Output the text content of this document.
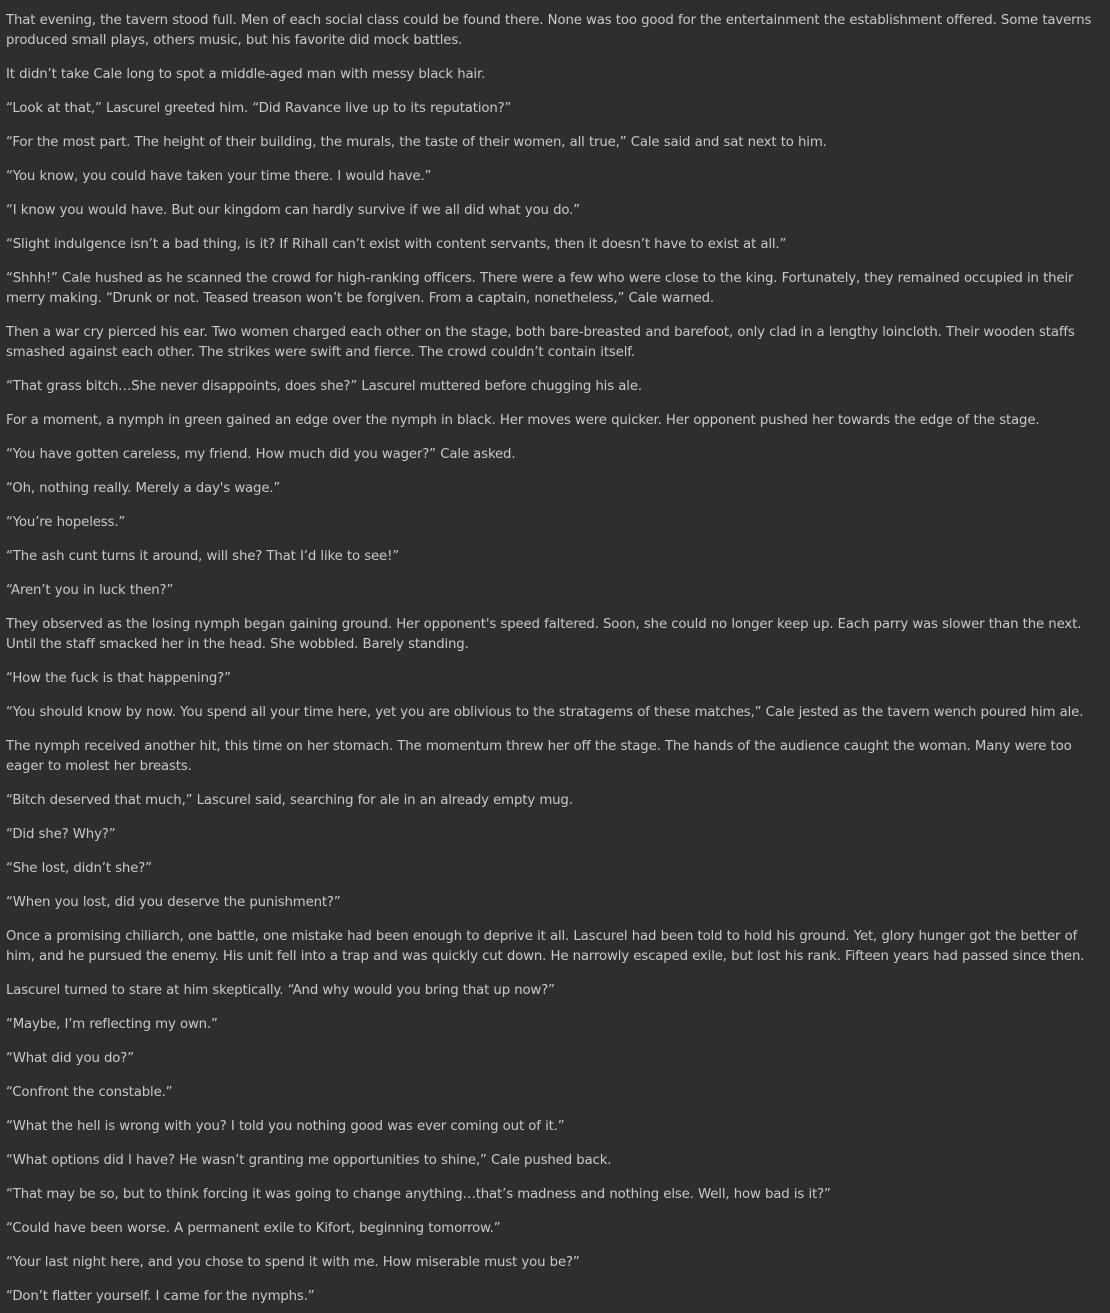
That evening, the tavern stood full. Men of each social class could be found there. None was too good for the entertainment the establishment offered. Some taverns produced small plays, others music, but his favorite did mock battles.

It didn’t take Cale long to spot a middle-aged man with messy black hair.

“Look at that,” Lascurel greeted him. “Did Ravance live up to its reputation?”

“For the most part. The height of their building, the murals, the taste of their women, all true,” Cale said and sat next to him.

“You know, you could have taken your time there. I would have.”

“I know you would have. But our kingdom can hardly survive if we all did what you do.”

“Slight indulgence isn’t a bad thing, is it? If Rihall can’t exist with content servants, then it doesn’t have to exist at all.”

“Shhh!” Cale hushed as he scanned the crowd for high-ranking officers. There were a few who were close to the king. Fortunately, they remained occupied in their merry making. “Drunk or not. Teased treason won’t be forgiven. From a captain, nonetheless,” Cale warned.

Then a war cry pierced his ear. Two women charged each other on the stage, both bare-breasted and barefoot, only clad in a lengthy loincloth. Their wooden staffs smashed against each other. The strikes were swift and fierce. The crowd couldn’t contain itself.

“That grass bitch…She never disappoints, does she?” Lascurel muttered before chugging his ale.

For a moment, a nymph in green gained an edge over the nymph in black. Her moves were quicker. Her opponent pushed her towards the edge of the stage.

“You have gotten careless, my friend. How much did you wager?” Cale asked.

“Oh, nothing really. Merely a day's wage.”

“You’re hopeless.”

“The ash cunt turns it around, will she? That I’d like to see!”

“Aren’t you in luck then?”

They observed as the losing nymph began gaining ground. Her opponent's speed faltered. Soon, she could no longer keep up. Each parry was slower than the next. Until the staff smacked her in the head. She wobbled. Barely standing.

“How the fuck is that happening?”

“You should know by now. You spend all your time here, yet you are oblivious to the stratagems of these matches,” Cale jested as the tavern wench poured him ale.

The nymph received another hit, this time on her stomach. The momentum threw her off the stage. The hands of the audience caught the woman. Many were too eager to molest her breasts.

“Bitch deserved that much,” Lascurel said, searching for ale in an already empty mug.

“Did she? Why?”

“She lost, didn’t she?”

“When you lost, did you deserve the punishment?”

Once a promising chiliarch, one battle, one mistake had been enough to deprive it all. Lascurel had been told to hold his ground. Yet, glory hunger got the better of him, and he pursued the enemy. His unit fell into a trap and was quickly cut down. He narrowly escaped exile, but lost his rank. Fifteen years had passed since then.

Lascurel turned to stare at him skeptically. “And why would you bring that up now?”

“Maybe, I’m reflecting my own.”

“What did you do?”

“Confront the constable.”

“What the hell is wrong with you? I told you nothing good was ever coming out of it.”

“What options did I have? He wasn’t granting me opportunities to shine,” Cale pushed back.

“That may be so, but to think forcing it was going to change anything…that’s madness and nothing else. Well, how bad is it?”

“Could have been worse. A permanent exile to Kifort, beginning tomorrow.”

“Your last night here, and you chose to spend it with me. How miserable must you be?”

“Don’t flatter yourself. I came for the nymphs.”
